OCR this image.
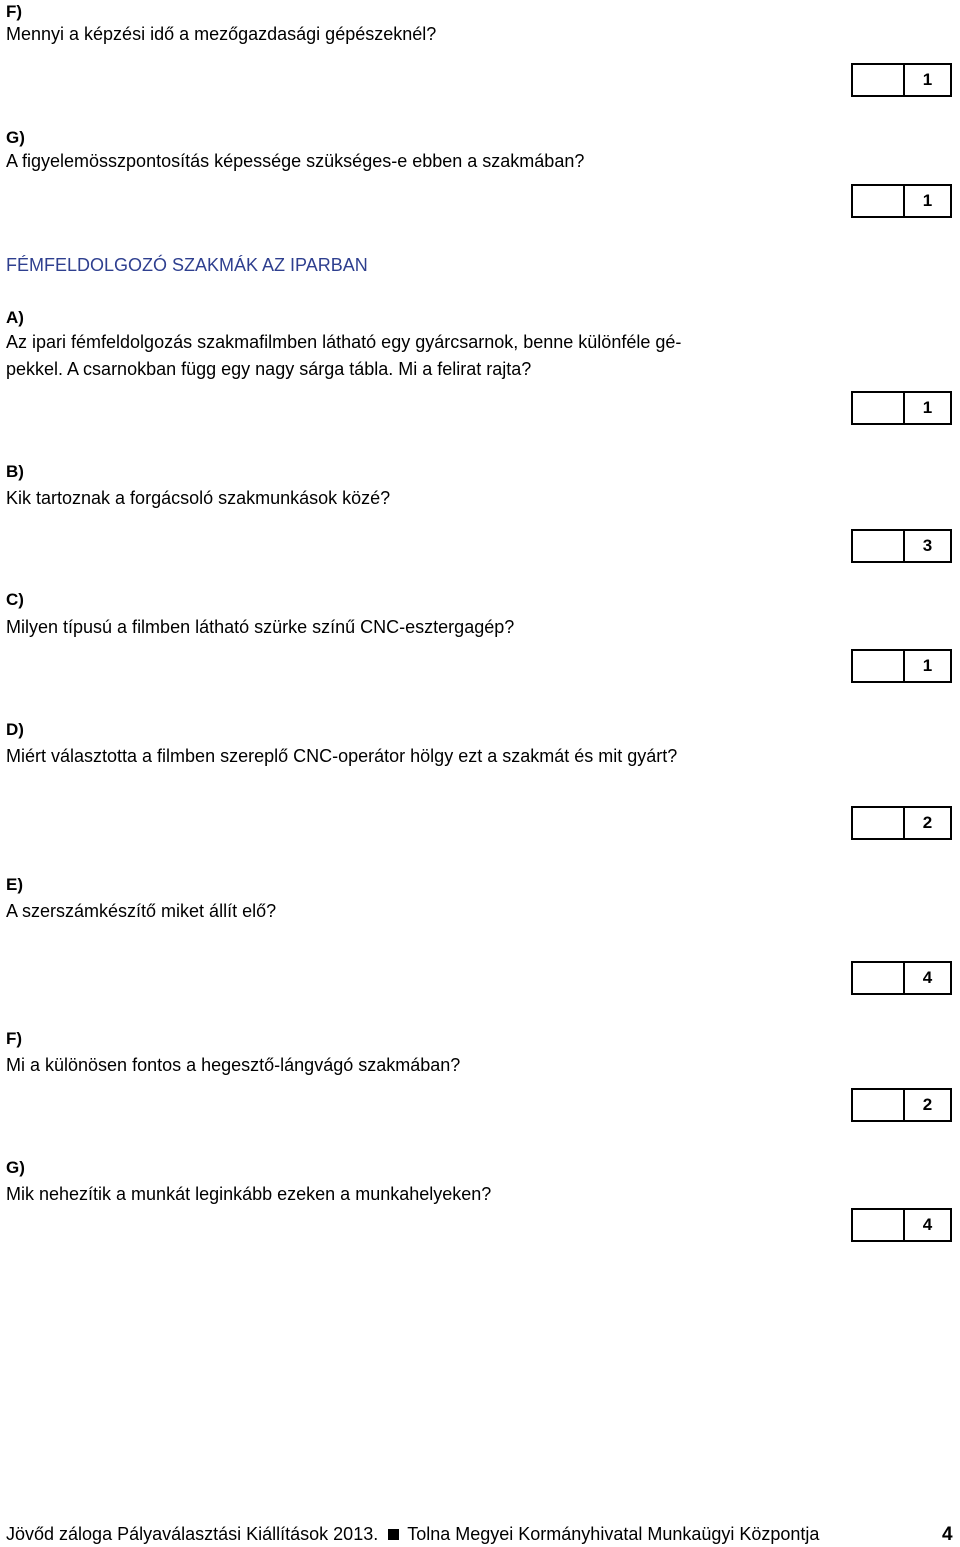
F)
Mennyi a képzési idő a mezőgazdasági gépészeknél?
.....
1
G)
A figyelemösszpontosítás képessége szükséges-e ebben a szakmában?
.....
1
FÉMFELDOLGOZÓ SZAKMÁK AZ IPARBAN
A)
Az ipari fémfeldolgozás szakmafilmben látható egy gyárcsarnok, benne különféle gé-
pekkel. A csarnokban függ egy nagy sárga tábla. Mi a felirat rajta?
.....
1
B)
Kik tartoznak a forgácsoló szakmunkások közé?
.....
3
C)
Milyen típusú a filmben látható szürke színű CNC-esztergagép?
.....
1
D)
Miért választotta a filmben szereplő CNC-operátor hölgy ezt a szakmát és mit gyárt?
.....
.....
2
E)
A szerszámkészítő miket állít elő?
.....
.....
4
F)
Mi a különösen fontos a hegesztő-lángvágó szakmában?
.....
2
G)
Mik nehezítik a munkát leginkább ezeken a munkahelyeken?
.....
4
Jövőd záloga Pályaválasztási Kiállítások 2013. Tolna Megyei Kormányhivatal Munkaügyi Központja	4
